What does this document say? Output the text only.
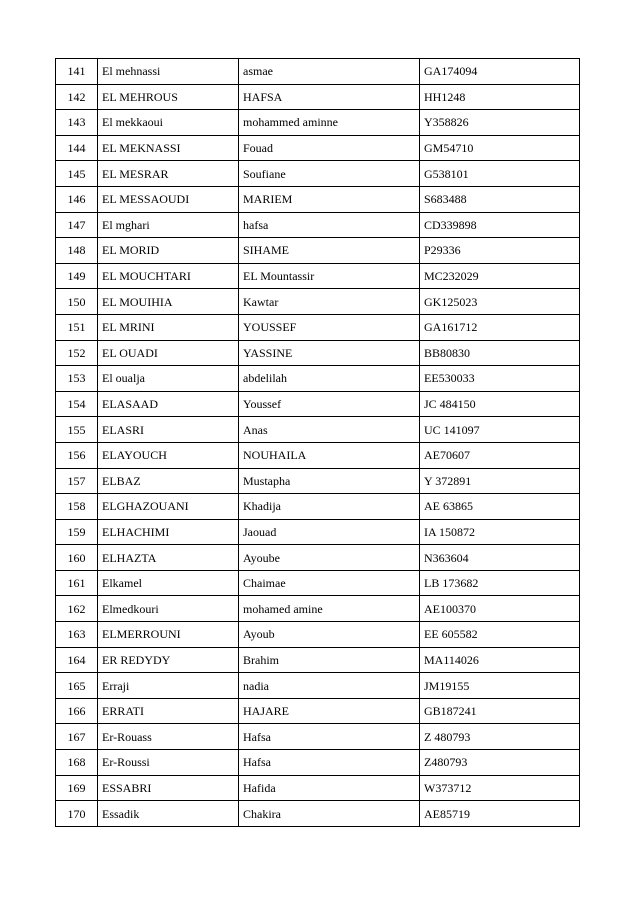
141	El mehnassi	asmae	GA174094
142	EL MEHROUS	HAFSA	HH1248
143	El mekkaoui	mohammed aminne	Y358826
144	EL MEKNASSI	Fouad	GM54710
145	EL MESRAR	Soufiane	G538101
146	EL MESSAOUDI	MARIEM	S683488
147	El mghari	hafsa	CD339898
148	EL MORID	SIHAME	P29336
149	EL MOUCHTARI	EL Mountassir	MC232029
150	EL MOUIHIA	Kawtar	GK125023
151	EL MRINI	YOUSSEF	GA161712
152	EL OUADI	YASSINE	BB80830
153	El oualja	abdelilah	EE530033
154	ELASAAD	Youssef	JC 484150
155	ELASRI	Anas	UC 141097
156	ELAYOUCH	NOUHAILA	AE70607
157	ELBAZ	Mustapha	Y 372891
158	ELGHAZOUANI	Khadija	AE 63865
159	ELHACHIMI	Jaouad	IA 150872
160	ELHAZTA	Ayoube	N363604
161	Elkamel	Chaimae	LB 173682
162	Elmedkouri	mohamed amine	AE100370
163	ELMERROUNI	Ayoub	EE 605582
164	ER REDYDY	Brahim	MA114026
165	Erraji	nadia	JM19155
166	ERRATI	HAJARE	GB187241
167	Er-Rouass	Hafsa	Z 480793
168	Er-Roussi	Hafsa	Z480793
169	ESSABRI	Hafida	W373712
170	Essadik	Chakira	AE85719
